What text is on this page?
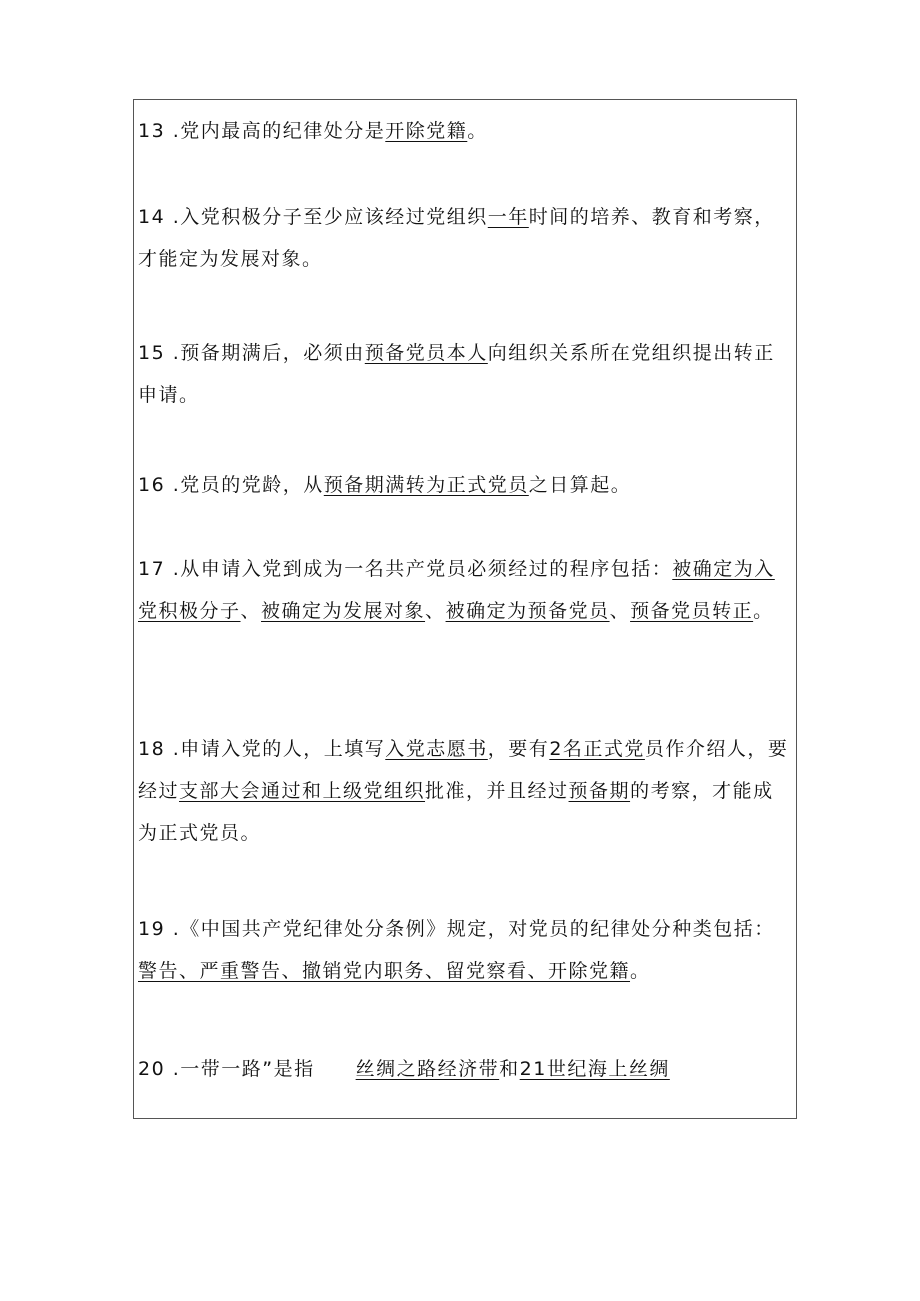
13 .党内最高的纪律处分是开除党籍。
14 .入党积极分子至少应该经过党组织一年时间的培养、教育和考察，才能定为发展对象。
15 .预备期满后，必须由预备党员本人向组织关系所在党组织提出转正申请。
16 .党员的党龄，从预备期满转为正式党员之日算起。
17 .从申请入党到成为一名共产党员必须经过的程序包括：被确定为入党积极分子、被确定为发展对象、被确定为预备党员、预备党员转正。
18 .申请入党的人，上填写入党志愿书，要有2名正式党员作介绍人，要经过支部大会通过和上级党组织批准，并且经过预备期的考察，才能成为正式党员。
19 .《中国共产党纪律处分条例》规定，对党员的纪律处分种类包括：警告、严重警告、撤销党内职务、留党察看、开除党籍。
20 .一带一路”是指　　丝绸之路经济带和21世纪海上丝绸
